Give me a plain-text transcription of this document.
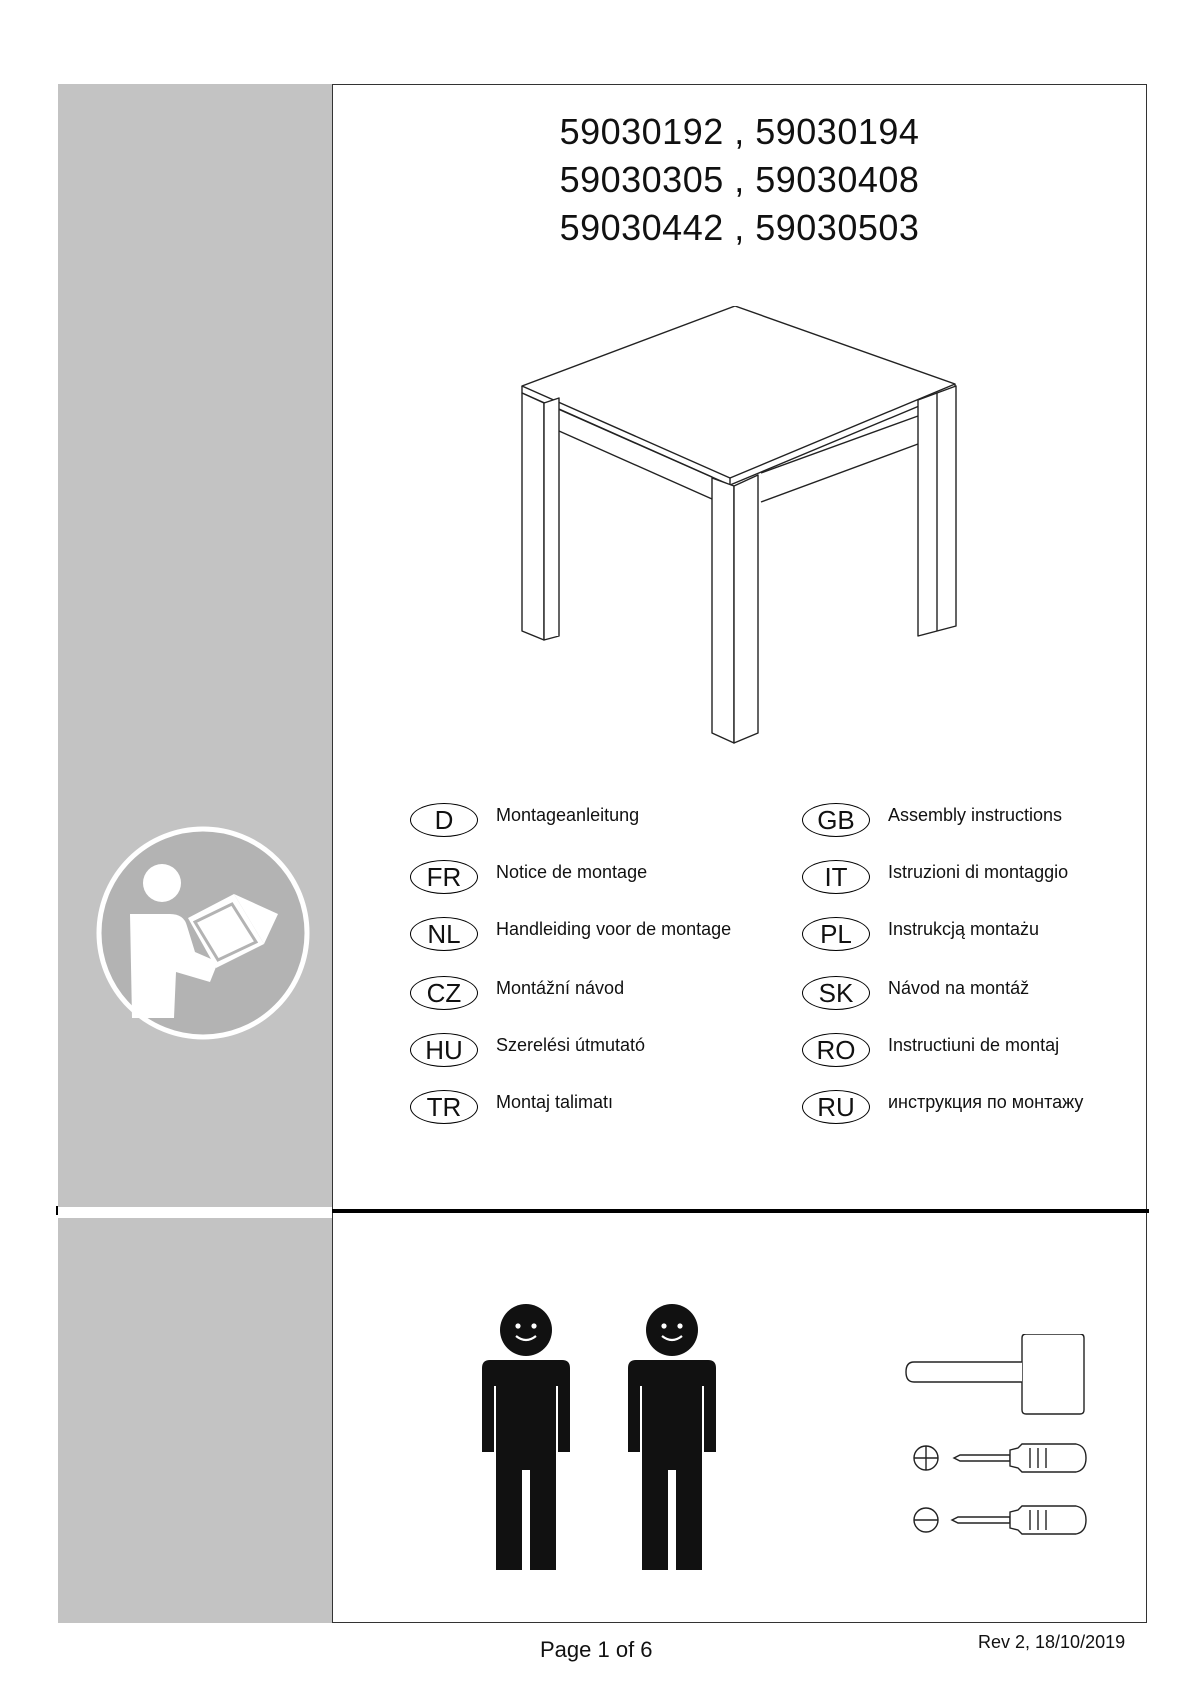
59030192 , 59030194
59030305 , 59030408
59030442 , 59030503
D	Montageanleitung	GB	Assembly instructions
FR	Notice de montage	IT	Istruzioni di montaggio
NL	Handleiding voor de montage	PL	Instrukcją montażu
CZ	Montážní návod	SK	Návod na montáž
HU	Szerelési útmutató	RO	Instructiuni de montaj
TR	Montaj talimatı	RU	инструкция по монтажу
Page 1 of 6	Rev 2, 18/10/2019
